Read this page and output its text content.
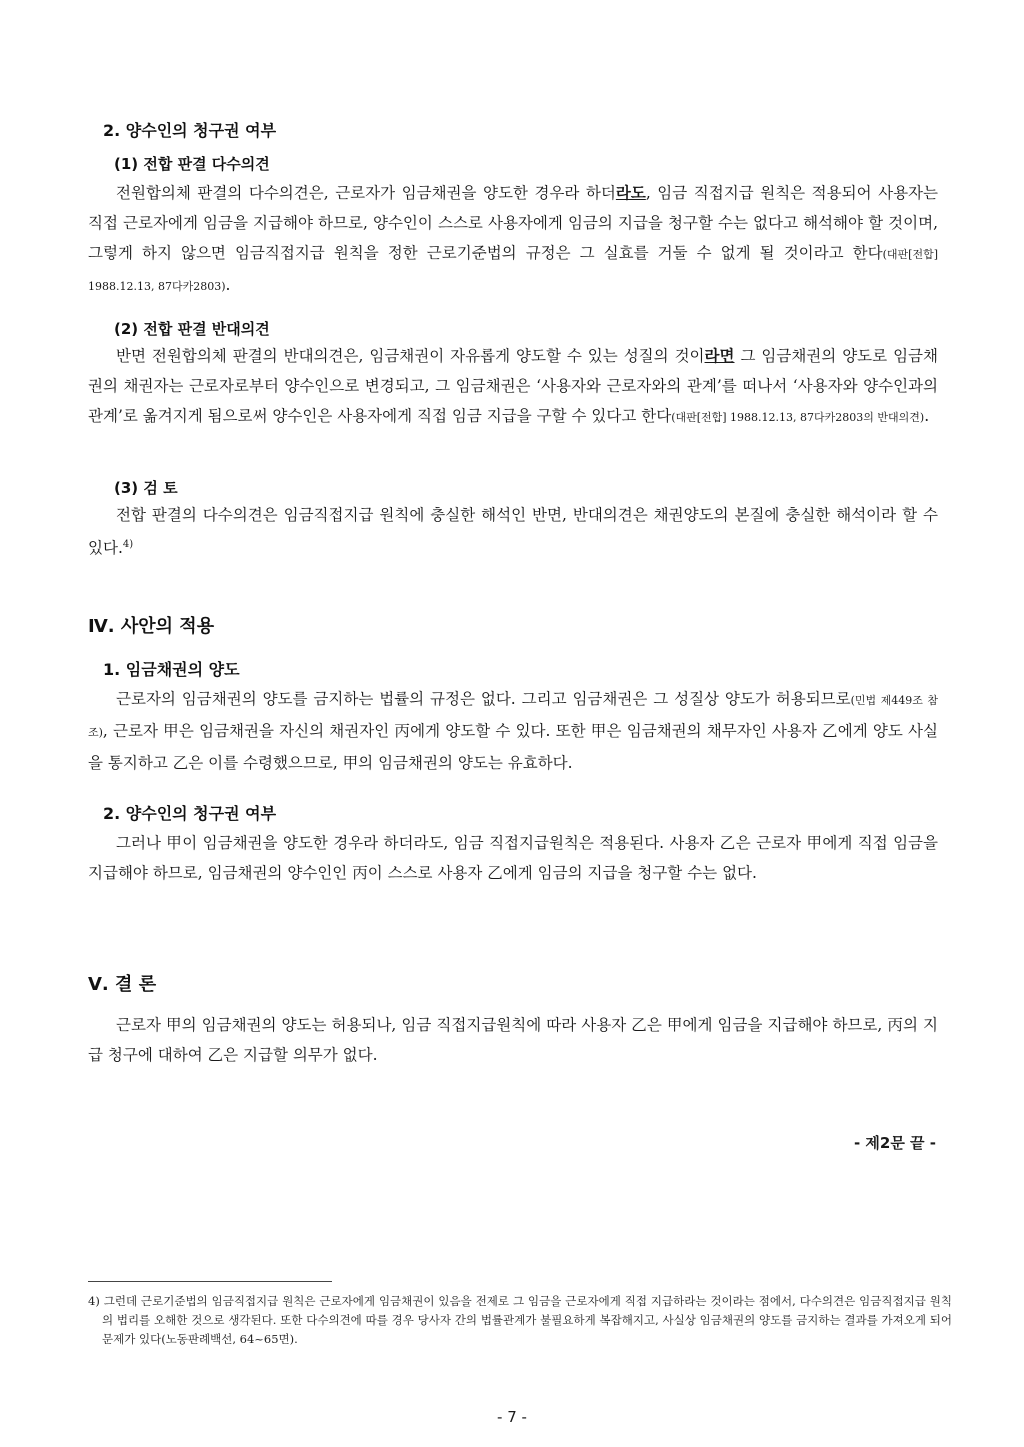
2. 양수인의 청구권 여부
(1) 전합 판결 다수의견

전원합의체 판결의 다수의견은, 근로자가 임금채권을 양도한 경우라 하더라도, 임금 직접지급 원칙은 적용되어 사용자는 직접 근로자에게 임금을 지급해야 하므로, 양수인이 스스로 사용자에게 임금의 지급을 청구할 수는 없다고 해석해야 할 것이며, 그렇게 하지 않으면 임금직접지급 원칙을 정한 근로기준법의 규정은 그 실효를 거둘 수 없게 될 것이라고 한다(대판[전합] 1988.12.13, 87다카2803).

(2) 전합 판결 반대의견

반면 전원합의체 판결의 반대의견은, 임금채권이 자유롭게 양도할 수 있는 성질의 것이라면 그 임금채권의 양도로 임금채권의 채권자는 근로자로부터 양수인으로 변경되고, 그 임금채권은 ‘사용자와 근로자와의 관계’를 떠나서 ‘사용자와 양수인과의 관계’로 옮겨지게 됨으로써 양수인은 사용자에게 직접 임금 지급을 구할 수 있다고 한다(대판[전합] 1988.12.13, 87다카2803의 반대의견).

(3) 검 토

전합 판결의 다수의견은 임금직접지급 원칙에 충실한 해석인 반면, 반대의견은 채권양도의 본질에 충실한 해석이라 할 수 있다.$^{4)}$

Ⅳ. 사안의 적용
1. 임금채권의 양도

근로자의 임금채권의 양도를 금지하는 법률의 규정은 없다. 그리고 임금채권은 그 성질상 양도가 허용되므로(민법 제449조 참조), 근로자 甲은 임금채권을 자신의 채권자인 丙에게 양도할 수 있다. 또한 甲은 임금채권의 채무자인 사용자 乙에게 양도 사실을 통지하고 乙은 이를 수령했으므로, 甲의 임금채권의 양도는 유효하다.

2. 양수인의 청구권 여부

그러나 甲이 임금채권을 양도한 경우라 하더라도, 임금 직접지급원칙은 적용된다. 사용자 乙은 근로자 甲에게 직접 임금을 지급해야 하므로, 임금채권의 양수인인 丙이 스스로 사용자 乙에게 임금의 지급을 청구할 수는 없다.

Ⅴ. 결 론

근로자 甲의 임금채권의 양도는 허용되나, 임금 직접지급원칙에 따라 사용자 乙은 甲에게 임금을 지급해야 하므로, 丙의 지급 청구에 대하여 乙은 지급할 의무가 없다.

- 제2문 끝 -

4) 그런데 근로기준법의 임금직접지급 원칙은 근로자에게 임금채권이 있음을 전제로 그 임금을 근로자에게 직접 지급하라는 것이라는 점에서, 다수의견은 임금직접지급 원칙의 법리를 오해한 것으로 생각된다. 또한 다수의견에 따를 경우 당사자 간의 법률관계가 불필요하게 복잡해지고, 사실상 임금채권의 양도를 금지하는 결과를 가져오게 되어 문제가 있다(노동판례백선, 64~65면).

- 7 -
